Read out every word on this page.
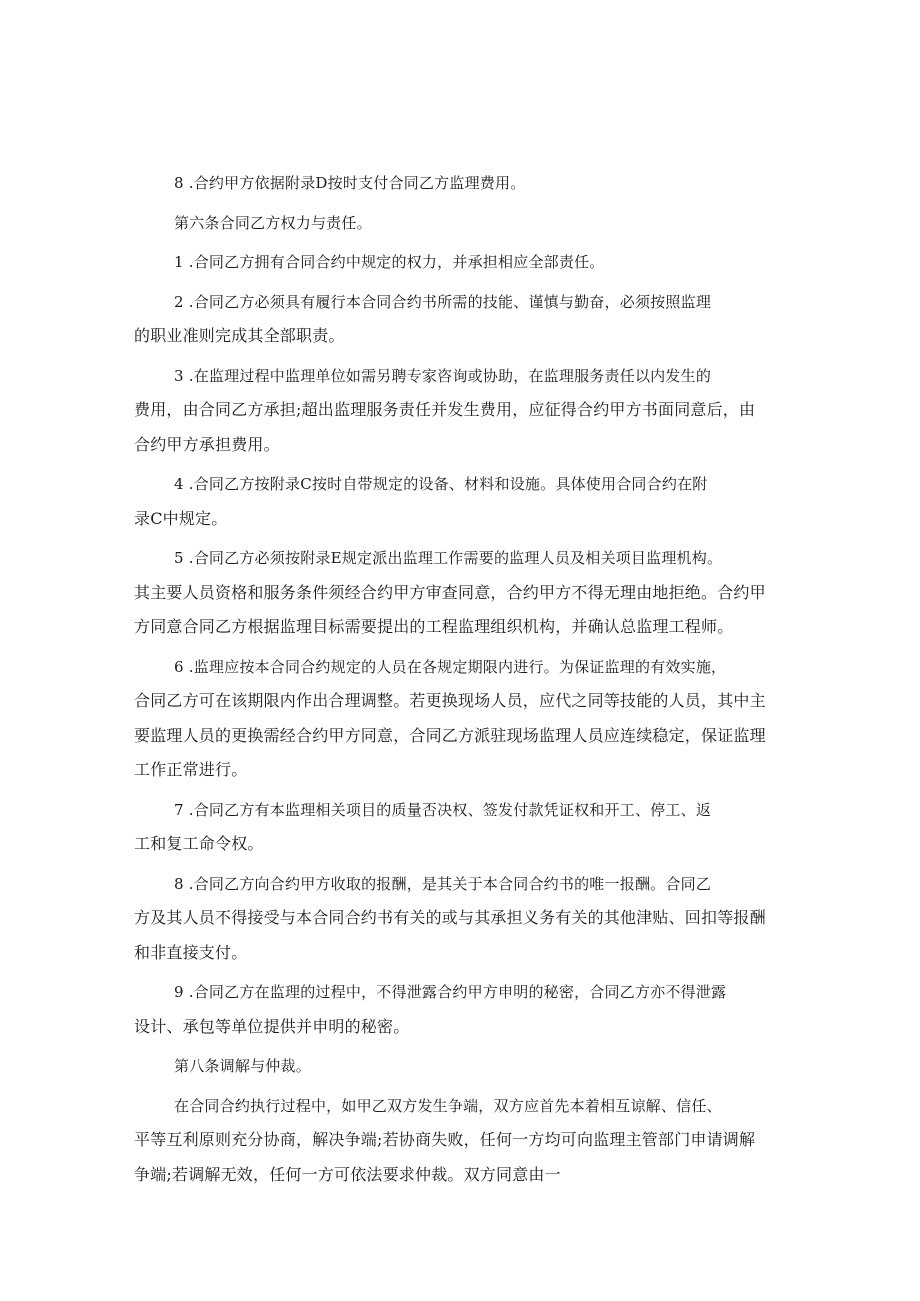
8 .合约甲方依据附录D按时支付合同乙方监理费用。
第六条合同乙方权力与责任。
1 .合同乙方拥有合同合约中规定的权力，并承担相应全部责任。
2 .合同乙方必须具有履行本合同合约书所需的技能、谨慎与勤奋，必须按照监理
的职业准则完成其全部职责。
3 .在监理过程中监理单位如需另聘专家咨询或协助，在监理服务责任以内发生的
费用，由合同乙方承担;超出监理服务责任并发生费用，应征得合约甲方书面同意后，由
合约甲方承担费用。
4 .合同乙方按附录C按时自带规定的设备、材料和设施。具体使用合同合约在附
录C中规定。
5 .合同乙方必须按附录E规定派出监理工作需要的监理人员及相关项目监理机构。
其主要人员资格和服务条件须经合约甲方审查同意，合约甲方不得无理由地拒绝。合约甲
方同意合同乙方根据监理目标需要提出的工程监理组织机构，并确认总监理工程师。
6 .监理应按本合同合约规定的人员在各规定期限内进行。为保证监理的有效实施，
合同乙方可在该期限内作出合理调整。若更换现场人员，应代之同等技能的人员，其中主
要监理人员的更换需经合约甲方同意，合同乙方派驻现场监理人员应连续稳定，保证监理
工作正常进行。
7 .合同乙方有本监理相关项目的质量否决权、签发付款凭证权和开工、停工、返
工和复工命令权。
8 .合同乙方向合约甲方收取的报酬，是其关于本合同合约书的唯一报酬。合同乙
方及其人员不得接受与本合同合约书有关的或与其承担义务有关的其他津贴、回扣等报酬
和非直接支付。
9 .合同乙方在监理的过程中，不得泄露合约甲方申明的秘密，合同乙方亦不得泄露
设计、承包等单位提供并申明的秘密。
第八条调解与仲裁。
在合同合约执行过程中，如甲乙双方发生争端，双方应首先本着相互谅解、信任、
平等互利原则充分协商，解决争端;若协商失败，任何一方均可向监理主管部门申请调解
争端;若调解无效，任何一方可依法要求仲裁。双方同意由一
